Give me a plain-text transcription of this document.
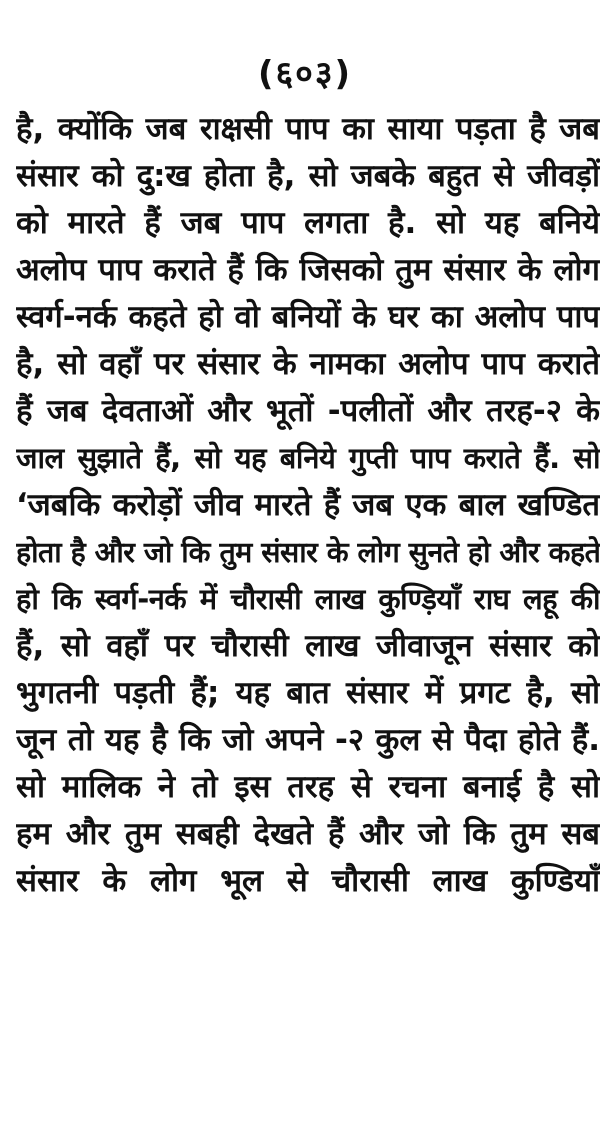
(६०३)
है, क्योंकि जब राक्षसी पाप का साया पड़ता है जब
संसार को दु:ख होता है, सो जबके बहुत से जीवड़ों
को मारते हैं जब पाप लगता है. सो यह बनिये
अलोप पाप कराते हैं कि जिसको तुम संसार के लोग
स्वर्ग-नर्क कहते हो वो बनियों के घर का अलोप पाप
है, सो वहाँ पर संसार के नामका अलोप पाप कराते
हैं जब देवताओं और भूतों -पलीतों और तरह-२ के
जाल सुझाते हैं, सो यह बनिये गुप्ती पाप कराते हैं. सो
‘जबकि करोड़ों जीव मारते हैं जब एक बाल खण्डित
होता है और जो कि तुम संसार के लोग सुनते हो और कहते
हो कि स्वर्ग-नर्क में चौरासी लाख कुण्ड़ियाँ राघ लहू की
हैं, सो वहाँ पर चौरासी लाख जीवाजून संसार को
भुगतनी पड़ती हैं; यह बात संसार में प्रगट है, सो
जून तो यह है कि जो अपने -२ कुल से पैदा होते हैं.
सो मालिक ने तो इस तरह से रचना बनाई है सो
हम और तुम सबही देखते हैं और जो कि तुम सब
संसार के लोग भूल से चौरासी लाख कुण्डियाँ
